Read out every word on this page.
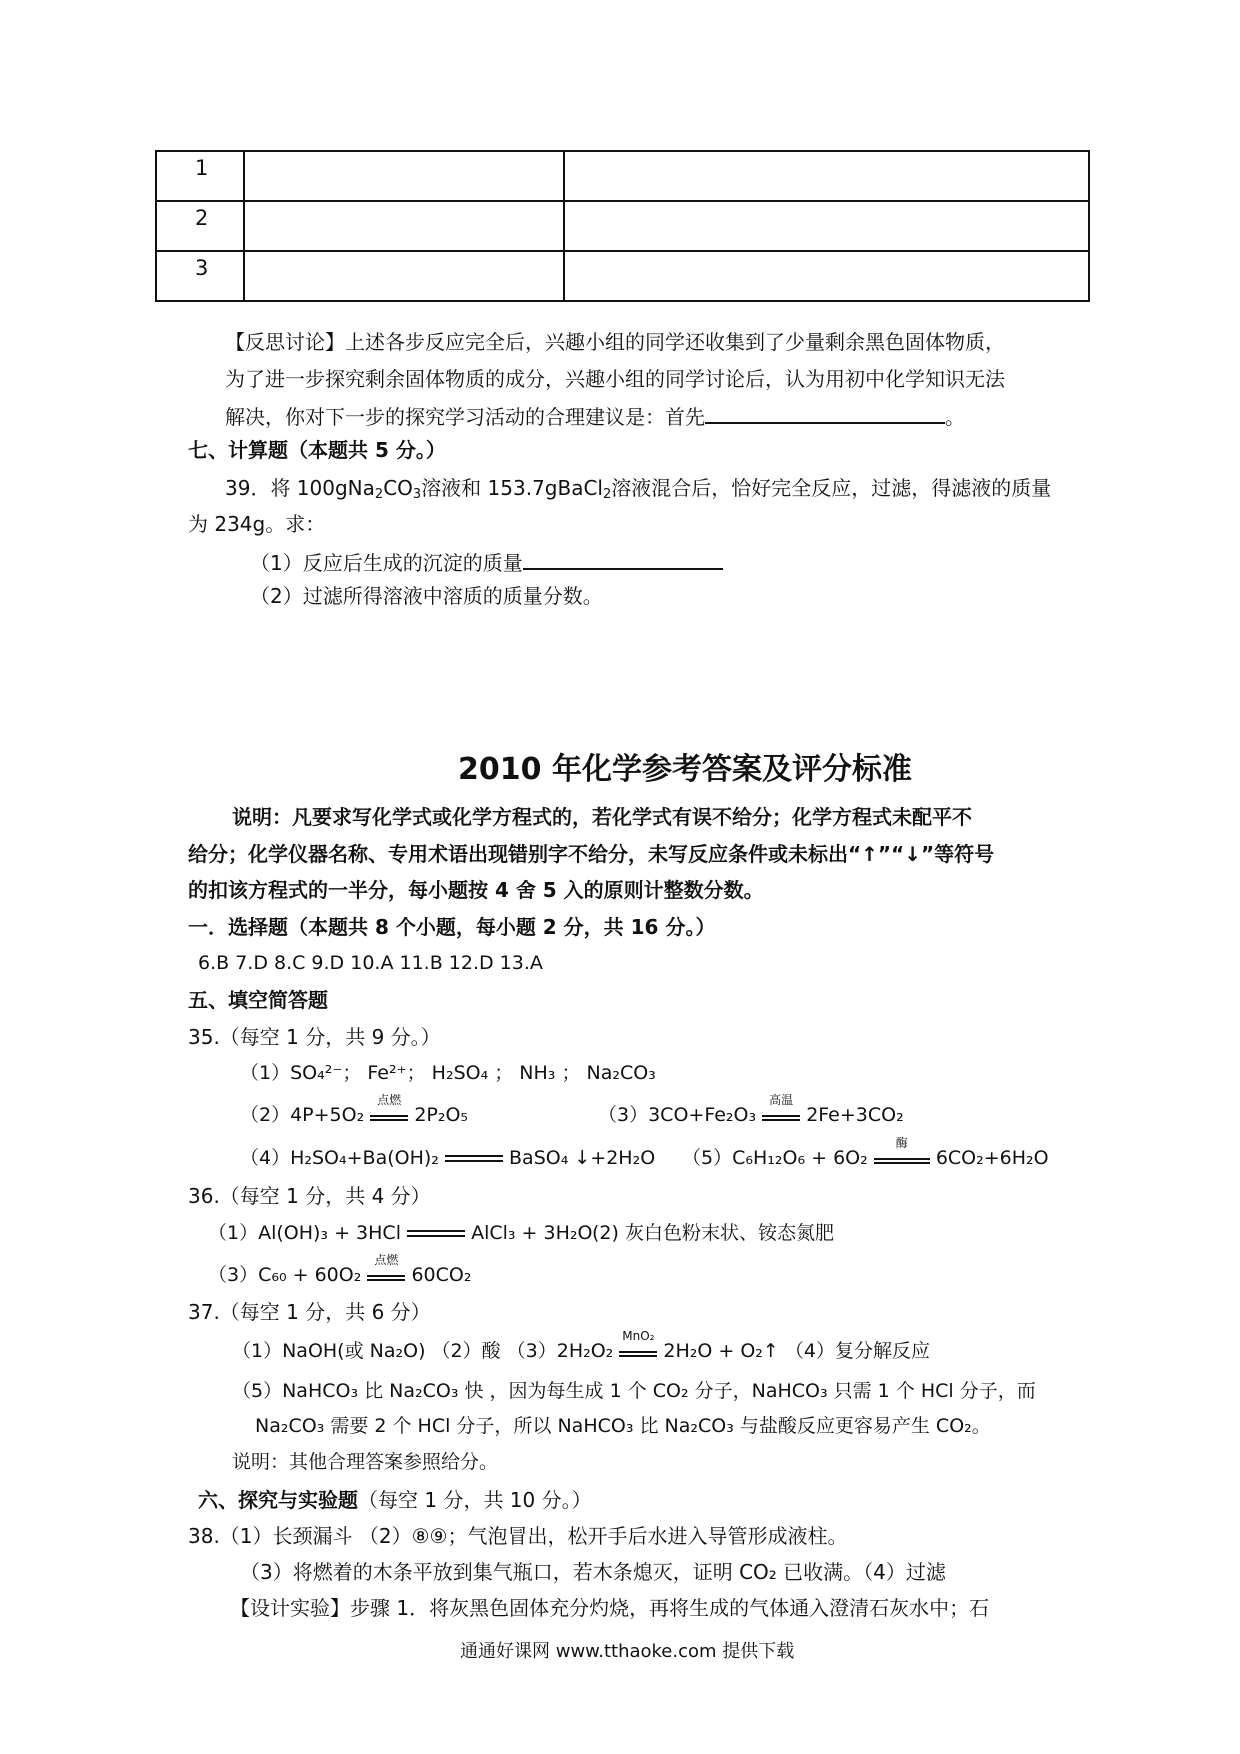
1		
2		
3		
【反思讨论】上述各步反应完全后，兴趣小组的同学还收集到了少量剩余黑色固体物质，
为了进一步探究剩余固体物质的成分，兴趣小组的同学讨论后，认为用初中化学知识无法
解决，你对下一步的探究学习活动的合理建议是：首先	。
七、计算题（本题共 5 分。）
39．将 $100gNa_2CO_3$溶液和 153.7gBaCl$_2$溶液混合后，恰好完全反应，过滤，得滤液的质量
为 234g。求：
（1）反应后生成的沉淀的质量
（2）过滤所得溶液中溶质的质量分数。
2010 年化学参考答案及评分标准
说明：凡要求写化学式或化学方程式的，若化学式有误不给分；化学方程式未配平不
给分；化学仪器名称、专用术语出现错别字不给分，未写反应条件或未标出“↑”“↓”等符号
的扣该方程式的一半分，每小题按 4 舍 5 入的原则计整数分数。
一．选择题（本题共 8 个小题，每小题 2 分，共 16 分。）
6.B 7.D 8.C 9.D 10.A 11.B 12.D 13.A
五、填空简答题
35.（每空 1 分，共 9 分。）
（1）SO₄²⁻； Fe²⁺； H₂SO₄ ； NH₃ ； Na₂CO₃
（2）4P+5O₂
点燃
2P₂O₅	（3）3CO+Fe₂O₃
高温
2Fe+3CO₂
（4）H₂SO₄+Ba(OH)₂	BaSO₄ ↓+2H₂O （5）C₆H₁₂O₆ + 6O₂
酶
6CO₂+6H₂O
36.（每空 1 分，共 4 分）
（1）Al(OH)₃ + 3HCl	AlCl₃ + 3H₂O (2) 灰白色粉末状、铵态氮肥
（3）C₆₀ + 60O₂
点燃
60CO₂
37.（每空 1 分，共 6 分）
（1）NaOH(或 Na₂O) （2）酸 （3）2H₂O₂
MnO₂
2H₂O + O₂↑ （4）复分解反应
（5）NaHCO₃ 比 Na₂CO₃ 快 ，因为每生成 1 个 CO₂ 分子，NaHCO₃ 只需 1 个 HCl 分子，而
Na₂CO₃ 需要 2 个 HCl 分子，所以 NaHCO₃ 比 Na₂CO₃ 与盐酸反应更容易产生 CO₂。
说明：其他合理答案参照给分。
六、探究与实验题（每空 1 分，共 10 分。）
38.（1）长颈漏斗 （2）⑧⑨；气泡冒出，松开手后水进入导管形成液柱。
（3）将燃着的木条平放到集气瓶口，若木条熄灭，证明 CO₂ 已收满。（4）过滤
【设计实验】步骤 1．将灰黑色固体充分灼烧，再将生成的气体通入澄清石灰水中；石
通通好课网 www.tthaoke.com 提供下载
